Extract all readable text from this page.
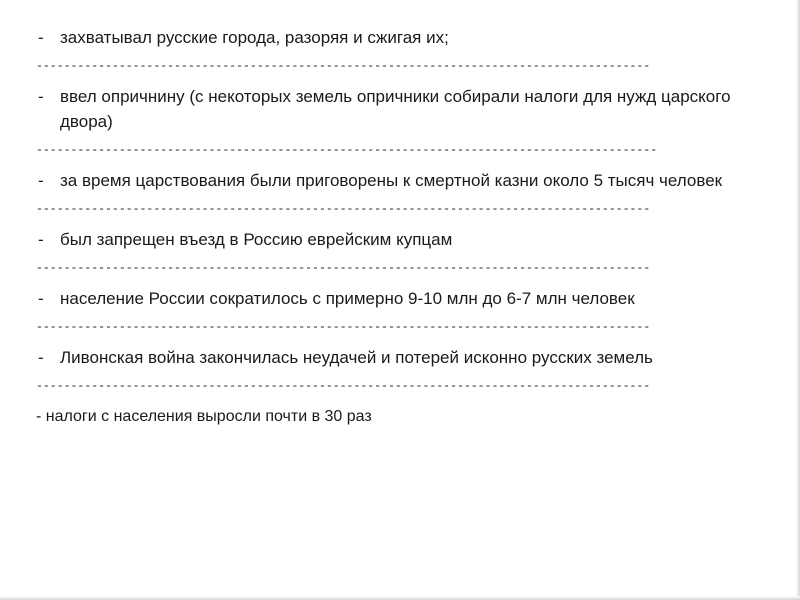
- захватывал русские города, разоряя и сжигая их;
-----------------------------------------------------------------------------------------
- ввел опричнину (с некоторых земель опричники собирали налоги для нужд царского двора)
------------------------------------------------------------------------------------------
- за время царствования были приговорены к смертной казни около 5 тысяч человек
-----------------------------------------------------------------------------------------
- был запрещен въезд в Россию еврейским купцам
-----------------------------------------------------------------------------------------
- население России сократилось с примерно 9-10 млн до 6-7 млн человек
-----------------------------------------------------------------------------------------
- Ливонская война закончилась неудачей и потерей исконно русских земель
-----------------------------------------------------------------------------------------
- налоги с населения выросли почти в 30 раз
